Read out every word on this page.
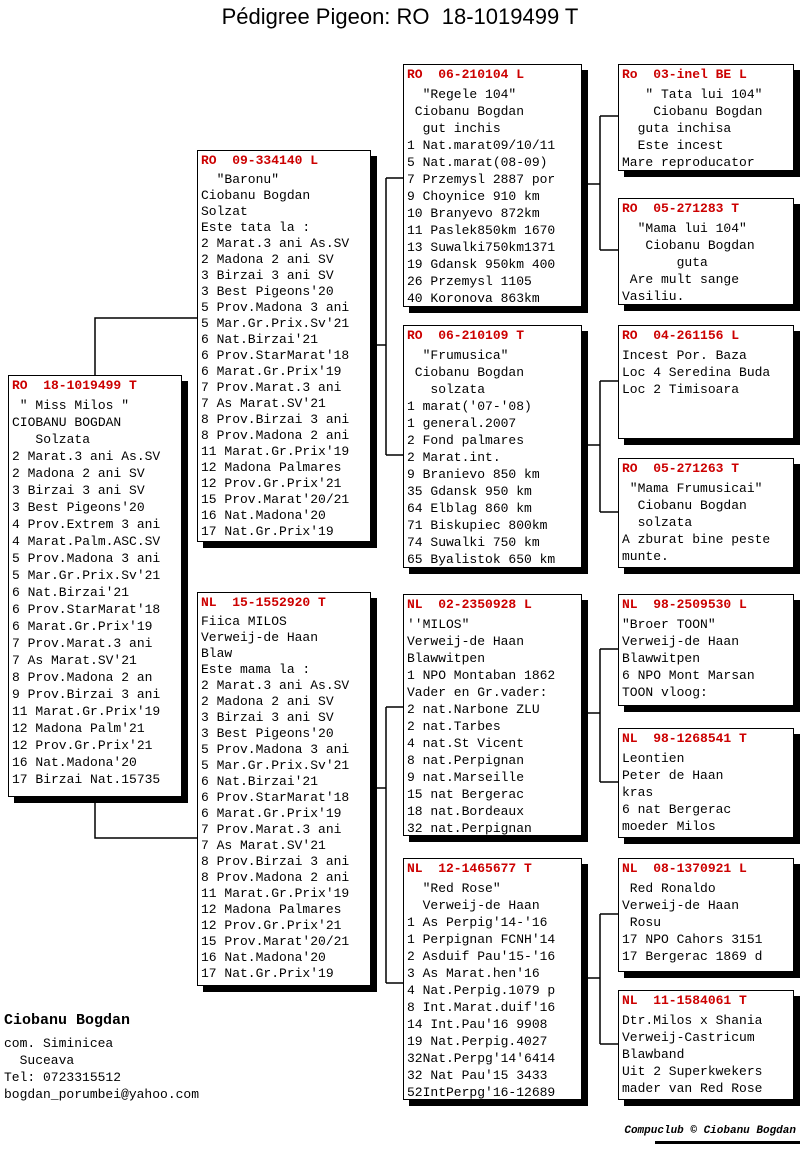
Pédigree Pigeon: RO  18-1019499 T
RO  18-1019499 T
" Miss Milos "
CIOBANU BOGDAN
Solzata
2 Marat.3 ani As.SV
2 Madona 2 ani SV
3 Birzai 3 ani SV
3 Best Pigeons'20
4 Prov.Extrem 3 ani
4 Marat.Palm.ASC.SV
5 Prov.Madona 3 ani
5 Mar.Gr.Prix.Sv'21
6 Nat.Birzai'21
6 Prov.StarMarat'18
6 Marat.Gr.Prix'19
7 Prov.Marat.3 ani
7 As Marat.SV'21
8 Prov.Madona 2 an
9 Prov.Birzai 3 ani
11 Marat.Gr.Prix'19
12 Madona Palm'21
12 Prov.Gr.Prix'21
16 Nat.Madona'20
17 Birzai Nat.15735
RO  09-334140 L
"Baronu"
Ciobanu Bogdan
Solzat
Este tata la :
2 Marat.3 ani As.SV
2 Madona 2 ani SV
3 Birzai 3 ani SV
3 Best Pigeons'20
5 Prov.Madona 3 ani
5 Mar.Gr.Prix.Sv'21
6 Nat.Birzai'21
6 Prov.StarMarat'18
6 Marat.Gr.Prix'19
7 Prov.Marat.3 ani
7 As Marat.SV'21
8 Prov.Birzai 3 ani
8 Prov.Madona 2 ani
11 Marat.Gr.Prix'19
12 Madona Palmares
12 Prov.Gr.Prix'21
15 Prov.Marat'20/21
16 Nat.Madona'20
17 Nat.Gr.Prix'19
NL  15-1552920 T
Fiica MILOS
Verweij-de Haan
Blaw
Este mama la :
2 Marat.3 ani As.SV
2 Madona 2 ani SV
3 Birzai 3 ani SV
3 Best Pigeons'20
5 Prov.Madona 3 ani
5 Mar.Gr.Prix.Sv'21
6 Nat.Birzai'21
6 Prov.StarMarat'18
6 Marat.Gr.Prix'19
7 Prov.Marat.3 ani
7 As Marat.SV'21
8 Prov.Birzai 3 ani
8 Prov.Madona 2 ani
11 Marat.Gr.Prix'19
12 Madona Palmares
12 Prov.Gr.Prix'21
15 Prov.Marat'20/21
16 Nat.Madona'20
17 Nat.Gr.Prix'19
RO  06-210104 L
"Regele 104"
Ciobanu Bogdan
gut inchis
1 Nat.marat09/10/11
5 Nat.marat(08-09)
7 Przemysl 2887 por
9 Choynice 910 km
10 Branyevo 872km
11 Paslek850km 1670
13 Suwalki750km1371
19 Gdansk 950km 400
26 Przemysl 1105
40 Koronova 863km
RO  06-210109 T
"Frumusica"
Ciobanu Bogdan
solzata
1 marat('07-'08)
1 general.2007
2 Fond palmares
2 Marat.int.
9 Branievo 850 km
35 Gdansk 950 km
64 Elblag 860 km
71 Biskupiec 800km
74 Suwalki 750 km
65 Byalistok 650 km
NL  02-2350928 L
''MILOS"
Verweij-de Haan
Blawwitpen
1 NPO Montaban 1862
Vader en Gr.vader:
2 nat.Narbone ZLU
2 nat.Tarbes
4 nat.St Vicent
8 nat.Perpignan
9 nat.Marseille
15 nat Bergerac
18 nat.Bordeaux
32 nat.Perpignan
NL  12-1465677 T
"Red Rose"
Verweij-de Haan
1 As Perpig'14-'16
1 Perpignan FCNH'14
2 Asduif Pau'15-'16
3 As Marat.hen'16
4 Nat.Perpig.1079 p
8 Int.Marat.duif'16
14 Int.Pau'16 9908
19 Nat.Perpig.4027
32Nat.Perpg'14'6414
32 Nat Pau'15 3433
52IntPerpg'16-12689
Ro  03-inel BE L
" Tata lui 104"
Ciobanu Bogdan
guta inchisa
Este incest
Mare reproducator
RO  05-271283 T
"Mama lui 104"
Ciobanu Bogdan
guta
Are mult sange
Vasiliu.
RO  04-261156 L
Incest Por. Baza
Loc 4 Seredina Buda
Loc 2 Timisoara
RO  05-271263 T
"Mama Frumusicai"
Ciobanu Bogdan
solzata
A zburat bine peste
munte.
NL  98-2509530 L
"Broer TOON"
Verweij-de Haan
Blawwitpen
6 NPO Mont Marsan
TOON vloog:
NL  98-1268541 T
Leontien
Peter de Haan
kras
6 nat Bergerac
moeder Milos
NL  08-1370921 L
Red Ronaldo
Verweij-de Haan
Rosu
17 NPO Cahors 3151
17 Bergerac 1869 d
NL  11-1584061 T
Dtr.Milos x Shania
Verweij-Castricum
Blawband
Uit 2 Superkwekers
mader van Red Rose
Ciobanu Bogdan
com. Siminicea
Suceava
Tel: 0723315512
bogdan_porumbei@yahoo.com
Compuclub © Ciobanu Bogdan
